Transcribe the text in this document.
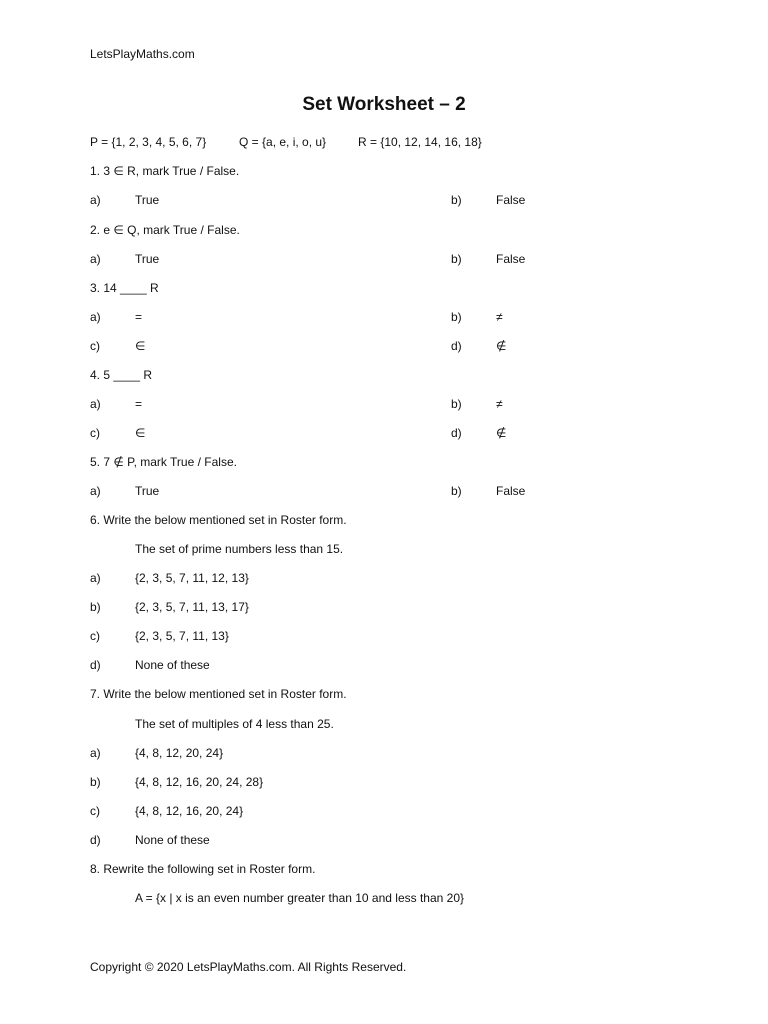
LetsPlayMaths.com
Set Worksheet – 2
P = {1, 2, 3, 4, 5, 6, 7}	Q = {a, e, i, o, u}	R = {10, 12, 14, 16, 18}
1. 3 ∈ R, mark True / False.
a)	True	b)	False
2. e ∈ Q, mark True / False.
a)	True	b)	False
3. 14 ____ R
a)	=	b)	≠
c)	∈	d)	∉
4. 5 ____ R
a)	=	b)	≠
c)	∈	d)	∉
5. 7 ∉ P, mark True / False.
a)	True	b)	False
6. Write the below mentioned set in Roster form.
The set of prime numbers less than 15.
a)	{2, 3, 5, 7, 11, 12, 13}
b)	{2, 3, 5, 7, 11, 13, 17}
c)	{2, 3, 5, 7, 11, 13}
d)	None of these
7. Write the below mentioned set in Roster form.
The set of multiples of 4 less than 25.
a)	{4, 8, 12, 20, 24}
b)	{4, 8, 12, 16, 20, 24, 28}
c)	{4, 8, 12, 16, 20, 24}
d)	None of these
8. Rewrite the following set in Roster form.
A = {x | x is an even number greater than 10 and less than 20}
Copyright © 2020 LetsPlayMaths.com. All Rights Reserved.
